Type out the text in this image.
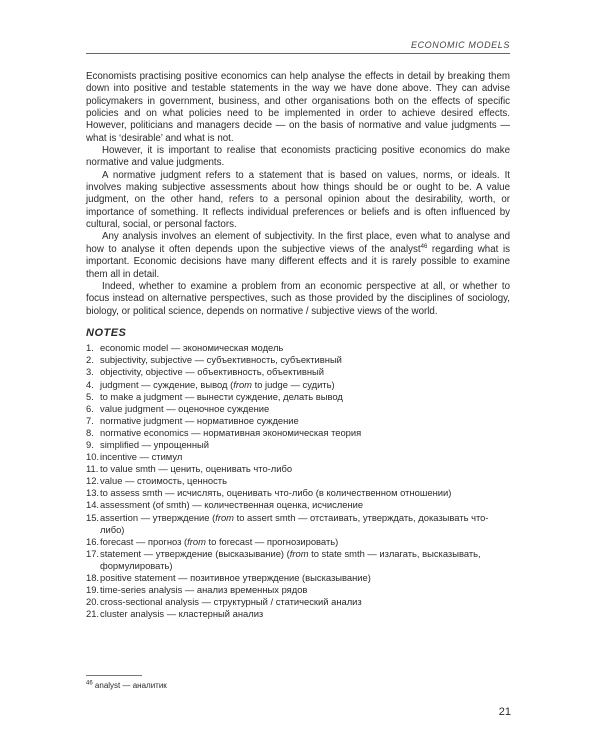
ECONOMIC MODELS

Economists practising positive economics can help analyse the effects in detail by breaking them down into positive and testable statements in the way we have done above. They can advise policymakers in government, business, and other organisations both on the effects of specific policies and on what policies need to be implemented in order to achieve desired effects. However, politicians and managers decide — on the basis of normative and value judgments — what is ‘desirable’ and what is not.

However, it is important to realise that economists practicing positive economics do make normative and value judgments.

A normative judgment refers to a statement that is based on values, norms, or ideals. It involves making subjective assessments about how things should be or ought to be. A value judgment, on the other hand, refers to a personal opinion about the desirability, worth, or importance of something. It reflects individual preferences or beliefs and is often influenced by cultural, social, or personal factors.

Any analysis involves an element of subjectivity. In the first place, even what to analyse and how to analyse it often depends upon the subjective views of the analyst$^{46}$ regarding what is important. Economic decisions have many different effects and it is rarely possible to examine them all in detail.

Indeed, whether to examine a problem from an economic perspective at all, or whether to focus instead on alternative perspectives, such as those provided by the disciplines of sociology, biology, or political science, depends on normative / subjective views of the world.

NOTES
1. economic model — экономическая модель
2. subjectivity, subjective — субъективность, субъективный
3. objectivity, objective — объективность, объективный
4. judgment — суждение, вывод (from to judge — судить)
5. to make a judgment — вынести суждение, делать вывод
6. value judgment — оценочное суждение
7. normative judgment — нормативное суждение
8. normative economics — нормативная экономическая теория
9. simplified — упрощенный
10. incentive — стимул
11. to value smth — ценить, оценивать что-либо
12. value — стоимость, ценность
13. to assess smth — исчислять, оценивать что-либо (в количественном отношении)
14. assessment (of smth) — количественная оценка, исчисление
15. assertion — утверждение (from to assert smth — отстаивать, утверждать, доказывать что-либо)
16. forecast — прогноз (from to forecast — прогнозировать)
17. statement — утверждение (высказывание) (from to state smth — излагать, высказывать, формулировать)
18. positive statement — позитивное утверждение (высказывание)
19. time-series analysis — анализ временных рядов
20. cross-sectional analysis — структурный / статический анализ
21. cluster analysis — кластерный анализ
$^{46}$ analyst — аналитик
21
